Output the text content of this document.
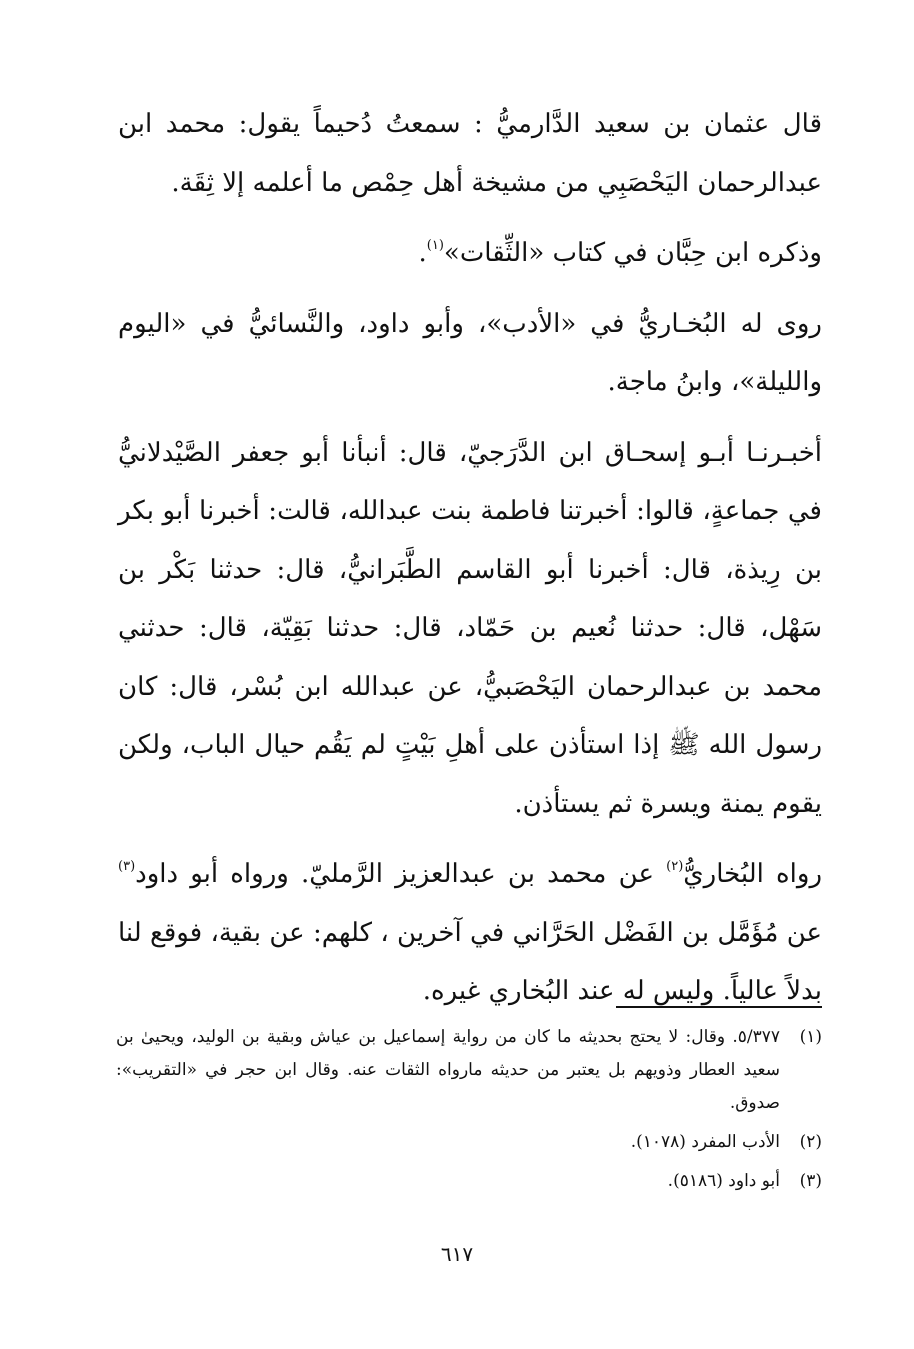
قال عثمان بن سعيد الدَّارميُّ : سمعتُ دُحيماً يقول: محمد ابن عبدالرحمان اليَحْصَبِي من مشيخة أهل حِمْص ما أعلمه إلا ثِقَة.

وذكره ابن حِبَّان في كتاب «الثِّقات»$^{(١)}$.

روى له البُخـاريُّ في «الأدب»، وأبو داود، والنَّسائيُّ في «اليوم والليلة»، وابنُ ماجة.

أخبـرنـا أبـو إسحـاق ابن الدَّرَجيّ، قال: أنبأنا أبو جعفر الصَّيْدلانيُّ في جماعةٍ، قالوا: أخبرتنا فاطمة بنت عبدالله، قالت: أخبرنا أبو بكر بن رِيذة، قال: أخبرنا أبو القاسم الطَّبَرانيُّ، قال: حدثنا بَكْر بن سَهْل، قال: حدثنا نُعيم بن حَمّاد، قال: حدثنا بَقِيّة، قال: حدثني محمد بن عبدالرحمان اليَحْصَبيُّ، عن عبدالله ابن بُسْر، قال: كان رسول الله ﷺ إذا استأذن على أهلِ بَيْتٍ لم يَقُم حيال الباب، ولكن يقوم يمنة ويسرة ثم يستأذن.

رواه البُخاريُّ$^{(٢)}$ عن محمد بن عبدالعزيز الرَّمليّ. ورواه أبو داود$^{(٣)}$ عن مُؤَمَّل بن الفَضْل الحَرَّاني في آخرين ، كلهم: عن بقية، فوقع لنا بدلاً عالياً. وليس له عند البُخاري غيره.

(١)
٥/٣٧٧. وقال: لا يحتج بحديثه ما كان من رواية إسماعيل بن عياش وبقية بن الوليد، ويحيىٰ بن سعيد العطار وذويهم بل يعتبر من حديثه مارواه الثقات عنه. وقال ابن حجر في «التقريب»: صدوق.
(٢)
الأدب المفرد (١٠٧٨).
(٣)
أبو داود (٥١٨٦).
٦١٧
